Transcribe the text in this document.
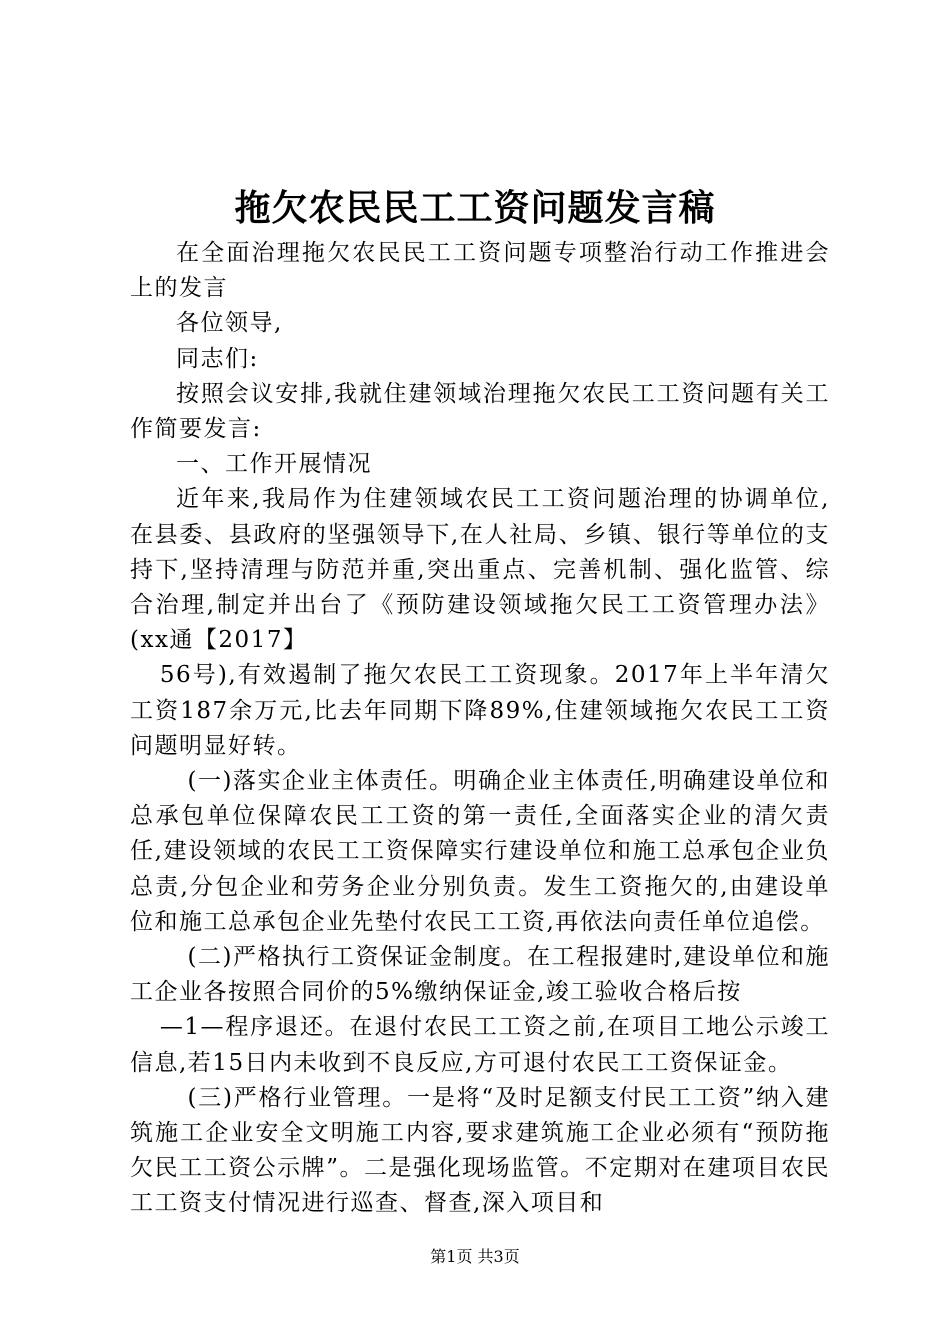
拖欠农民民工工资问题发言稿

在全面治理拖欠农民民工工资问题专项整治行动工作推进会上的发言

各位领导,

同志们:

按照会议安排,我就住建领域治理拖欠农民工工资问题有关工作简要发言:

一、工作开展情况

近年来,我局作为住建领域农民工工资问题治理的协调单位,在县委、县政府的坚强领导下,在人社局、乡镇、银行等单位的支持下,坚持清理与防范并重,突出重点、完善机制、强化监管、综合治理,制定并出台了《预防建设领域拖欠民工工资管理办法》(xx通【2017】

56号),有效遏制了拖欠农民工工资现象。2017年上半年清欠工资187余万元,比去年同期下降89%,住建领域拖欠农民工工资问题明显好转。

(一)落实企业主体责任。明确企业主体责任,明确建设单位和总承包单位保障农民工工资的第一责任,全面落实企业的清欠责任,建设领域的农民工工资保障实行建设单位和施工总承包企业负总责,分包企业和劳务企业分别负责。发生工资拖欠的,由建设单位和施工总承包企业先垫付农民工工资,再依法向责任单位追偿。

(二)严格执行工资保证金制度。在工程报建时,建设单位和施工企业各按照合同价的5%缴纳保证金,竣工验收合格后按

—1—程序退还。在退付农民工工资之前,在项目工地公示竣工信息,若15日内未收到不良反应,方可退付农民工工资保证金。

(三)严格行业管理。一是将“及时足额支付民工工资”纳入建筑施工企业安全文明施工内容,要求建筑施工企业必须有“预防拖欠民工工资公示牌”。二是强化现场监管。不定期对在建项目农民工工资支付情况进行巡查、督查,深入项目和

第1页 共3页
